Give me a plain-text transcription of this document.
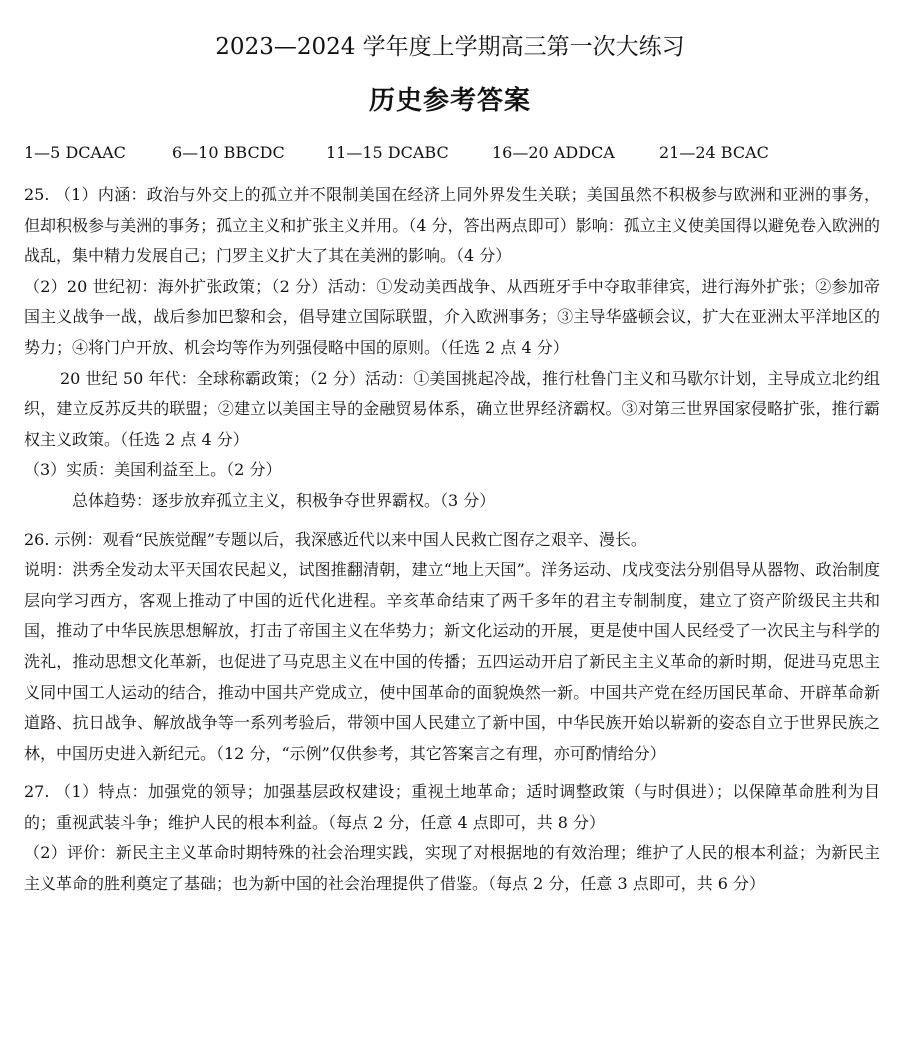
2023—2024 学年度上学期高三第一次大练习
历史参考答案
1—5 DCAAC	6—10 BBCDC	11—15 DCABC	16—20 ADDCA	21—24 BCAC

25. （1）内涵：政治与外交上的孤立并不限制美国在经济上同外界发生关联；美国虽然不积极参与欧洲和亚洲的事务，但却积极参与美洲的事务；孤立主义和扩张主义并用。（4 分，答出两点即可）影响：孤立主义使美国得以避免卷入欧洲的战乱，集中精力发展自己；门罗主义扩大了其在美洲的影响。（4 分）

（2）20 世纪初：海外扩张政策；（2 分）活动：①发动美西战争、从西班牙手中夺取菲律宾，进行海外扩张；②参加帝国主义战争一战，战后参加巴黎和会，倡导建立国际联盟，介入欧洲事务；③主导华盛顿会议，扩大在亚洲太平洋地区的势力；④将门户开放、机会均等作为列强侵略中国的原则。（任选 2 点 4 分）

20 世纪 50 年代：全球称霸政策；（2 分）活动：①美国挑起冷战，推行杜鲁门主义和马歇尔计划，主导成立北约组织，建立反苏反共的联盟；②建立以美国主导的金融贸易体系，确立世界经济霸权。③对第三世界国家侵略扩张，推行霸权主义政策。（任选 2 点 4 分）

（3）实质：美国利益至上。（2 分）

总体趋势：逐步放弃孤立主义，积极争夺世界霸权。（3 分）

26. 示例：观看“民族觉醒”专题以后，我深感近代以来中国人民救亡图存之艰辛、漫长。

说明：洪秀全发动太平天国农民起义，试图推翻清朝，建立“地上天国”。洋务运动、戊戌变法分别倡导从器物、政治制度层向学习西方，客观上推动了中国的近代化进程。辛亥革命结束了两千多年的君主专制制度，建立了资产阶级民主共和国，推动了中华民族思想解放，打击了帝国主义在华势力；新文化运动的开展，更是使中国人民经受了一次民主与科学的洗礼，推动思想文化革新，也促进了马克思主义在中国的传播；五四运动开启了新民主主义革命的新时期，促进马克思主义同中国工人运动的结合，推动中国共产党成立，使中国革命的面貌焕然一新。中国共产党在经历国民革命、开辟革命新道路、抗日战争、解放战争等一系列考验后，带领中国人民建立了新中国，中华民族开始以崭新的姿态自立于世界民族之林，中国历史进入新纪元。（12 分，“示例”仅供参考，其它答案言之有理，亦可酌情给分）

27. （1）特点：加强党的领导；加强基层政权建设；重视土地革命；适时调整政策（与时俱进）；以保障革命胜利为目的；重视武装斗争；维护人民的根本利益。（每点 2 分，任意 4 点即可，共 8 分）

（2）评价：新民主主义革命时期特殊的社会治理实践，实现了对根据地的有效治理；维护了人民的根本利益；为新民主主义革命的胜利奠定了基础；也为新中国的社会治理提供了借鉴。（每点 2 分，任意 3 点即可，共 6 分）
